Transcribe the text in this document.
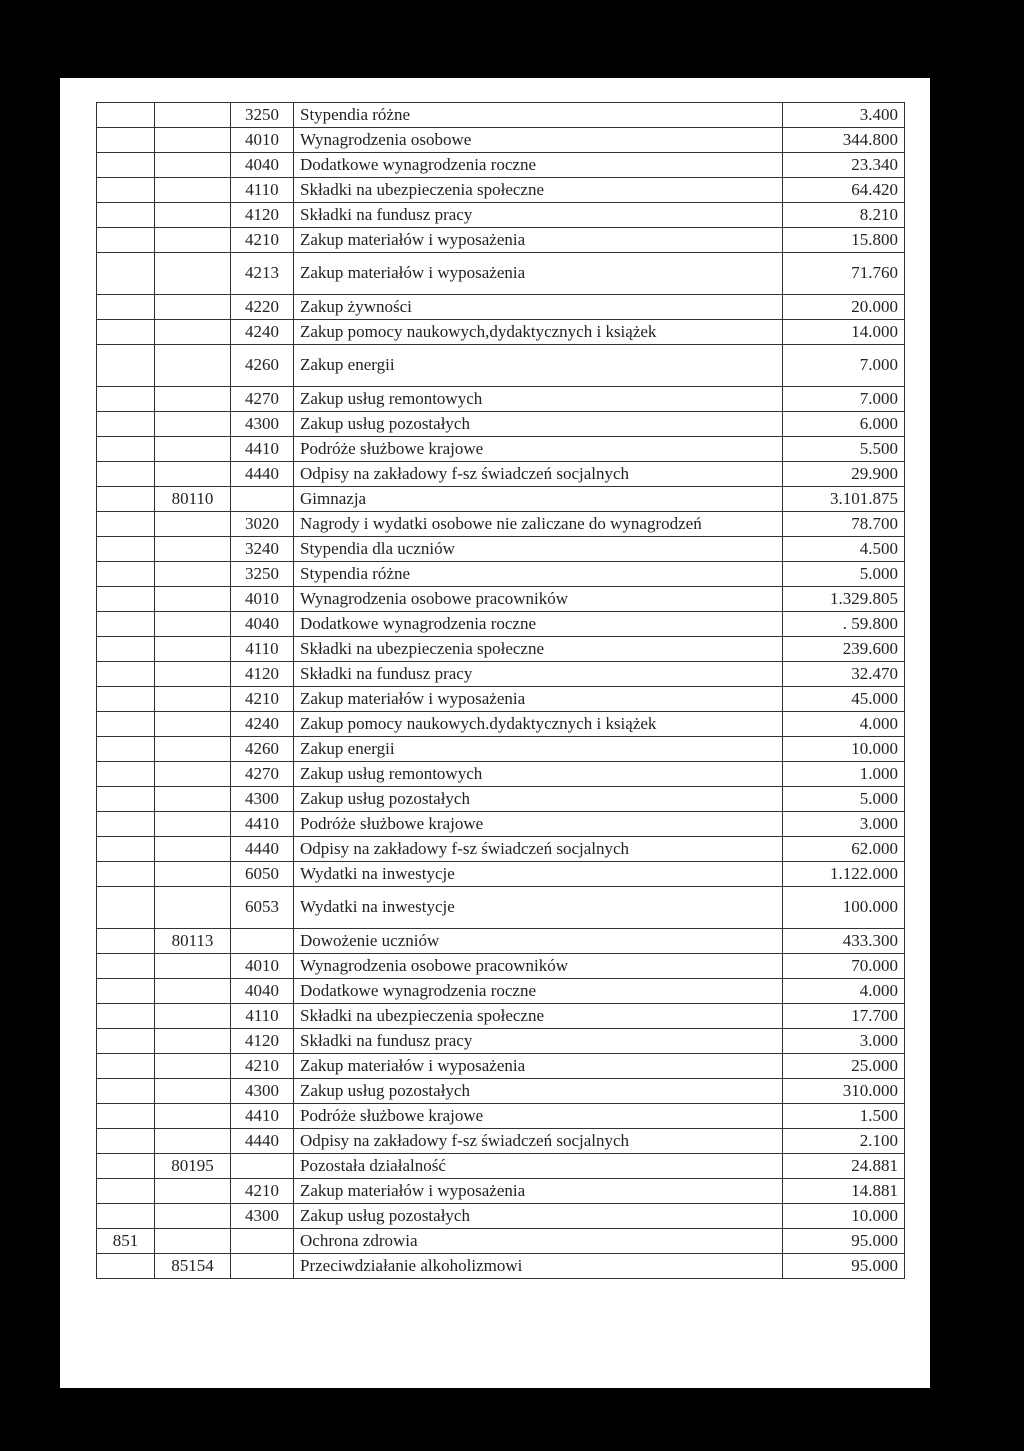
		3250	Stypendia różne	3.400
		4010	Wynagrodzenia osobowe	344.800
		4040	Dodatkowe wynagrodzenia roczne	23.340
		4110	Składki na ubezpieczenia społeczne	64.420
		4120	Składki na fundusz pracy	8.210
		4210	Zakup materiałów i wyposażenia	15.800
		4213	Zakup materiałów i wyposażenia	71.760
		4220	Zakup żywności	20.000
		4240	Zakup pomocy naukowych,dydaktycznych i książek	14.000
		4260	Zakup energii	7.000
		4270	Zakup usług remontowych	7.000
		4300	Zakup usług pozostałych	6.000
		4410	Podróże służbowe krajowe	5.500
		4440	Odpisy na zakładowy f-sz świadczeń socjalnych	29.900
	80110		Gimnazja	3.101.875
		3020	Nagrody i wydatki osobowe nie zaliczane do wynagrodzeń	78.700
		3240	Stypendia dla uczniów	4.500
		3250	Stypendia różne	5.000
		4010	Wynagrodzenia osobowe pracowników	1.329.805
		4040	Dodatkowe wynagrodzenia roczne	. 59.800
		4110	Składki na ubezpieczenia społeczne	239.600
		4120	Składki na fundusz pracy	32.470
		4210	Zakup materiałów i wyposażenia	45.000
		4240	Zakup pomocy naukowych.dydaktycznych i książek	4.000
		4260	Zakup energii	10.000
		4270	Zakup usług remontowych	1.000
		4300	Zakup usług pozostałych	5.000
		4410	Podróże służbowe krajowe	3.000
		4440	Odpisy na zakładowy f-sz świadczeń socjalnych	62.000
		6050	Wydatki na inwestycje	1.122.000
		6053	Wydatki na inwestycje	100.000
	80113		Dowożenie uczniów	433.300
		4010	Wynagrodzenia osobowe pracowników	70.000
		4040	Dodatkowe wynagrodzenia roczne	4.000
		4110	Składki na ubezpieczenia społeczne	17.700
		4120	Składki na fundusz pracy	3.000
		4210	Zakup materiałów i wyposażenia	25.000
		4300	Zakup usług pozostałych	310.000
		4410	Podróże służbowe krajowe	1.500
		4440	Odpisy na zakładowy f-sz świadczeń socjalnych	2.100
	80195		Pozostała działalność	24.881
		4210	Zakup materiałów i wyposażenia	14.881
		4300	Zakup usług pozostałych	10.000
851			Ochrona zdrowia	95.000
	85154		Przeciwdziałanie alkoholizmowi	95.000
